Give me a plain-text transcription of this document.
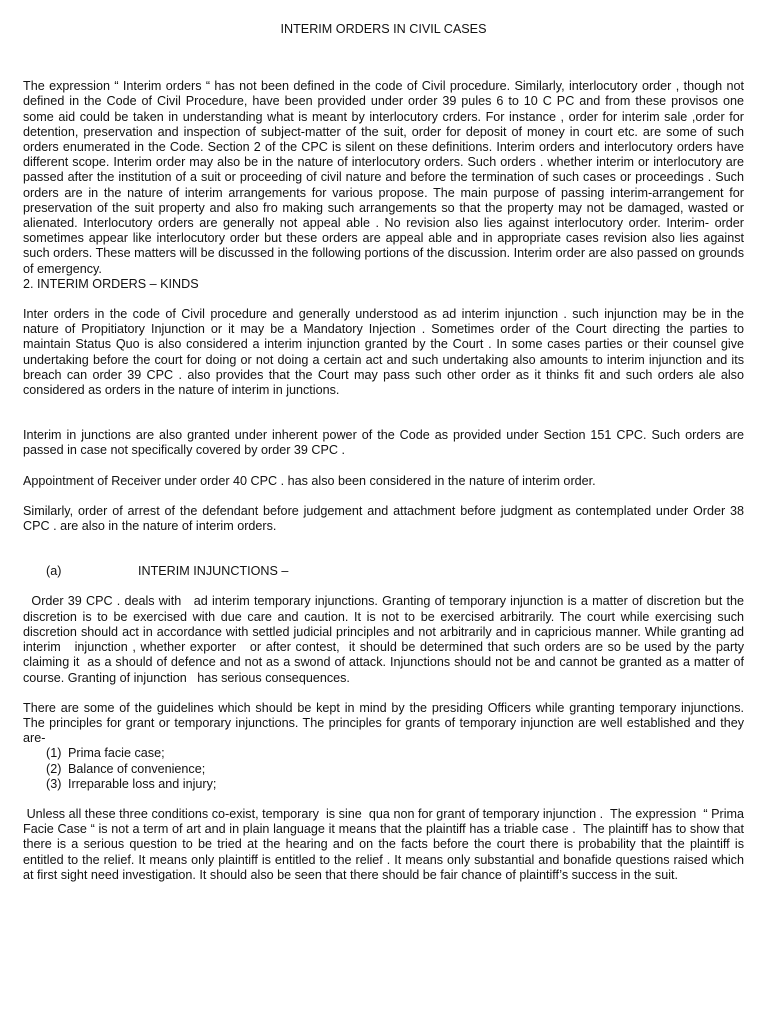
INTERIM ORDERS IN CIVIL CASES

The expression “ Interim orders “ has not been defined in the code of Civil procedure. Similarly, interlocutory order , though not defined in the Code of Civil Procedure, have been provided under order 39 pules 6 to 10 C PC and from these provisos one some aid could be taken in understanding what is meant by interlocutory crders. For instance , order for interim sale ,order for detention, preservation and inspection of subject-matter of the suit, order for deposit of money in court etc. are some of such orders enumerated in the Code. Section 2 of the CPC is silent on these definitions. Interim orders and interlocutory orders have different scope. Interim order may also be in the nature of interlocutory orders. Such orders . whether interim or interlocutory are passed after the institution of a suit or proceeding of civil nature and before the termination of such cases or proceedings . Such orders are in the nature of interim arrangements for various propose. The main purpose of passing interim-arrangement for preservation of the suit property and also fro making such arrangements so that the property may not be damaged, wasted or alienated. Interlocutory orders are generally not appeal able . No revision also lies against interlocutory order. Interim- order sometimes appear like interlocutory order but these orders are appeal able and in appropriate cases revision also lies against such orders. These matters will be discussed in the following portions of the discussion. Interim order are also passed on grounds of emergency.

2. INTERIM ORDERS – KINDS

Inter orders in the code of Civil procedure and generally understood as ad interim injunction . such injunction may be in the nature of Propitiatory Injunction or it may be a Mandatory Injection . Sometimes order of the Court directing the parties to maintain Status Quo is also considered a interim injunction granted by the Court . In some cases parties or their counsel give undertaking before the court for doing or not doing a certain act and such undertaking also amounts to interim injunction and its breach can order 39 CPC . also provides that the Court may pass such other order as it thinks fit and such orders ale also considered as orders in the nature of interim in junctions.

Interim in junctions are also granted under inherent power of the Code as provided under Section 151 CPC. Such orders are passed in case not specifically covered by order 39 CPC .

Appointment of Receiver under order 40 CPC . has also been considered in the nature of interim order.

Similarly, order of arrest of the defendant before judgement and attachment before judgment as contemplated under Order 38 CPC . are also in the nature of interim orders.

(a)	INTERIM INJUNCTIONS –

Order 39 CPC . deals with   ad interim temporary injunctions. Granting of temporary injunction is a matter of discretion but the discretion is to be exercised with due care and caution. It is not to be exercised arbitrarily. The court while exercising such discretion should act in accordance with settled judicial principles and not arbitrarily and in capricious manner. While granting ad interim   injunction , whether exporter   or after contest,  it should be determined that such orders are so be used by the party claiming it  as a should of defence and not as a swond of attack. Injunctions should not be and cannot be granted as a matter of course. Granting of injunction   has serious consequences.

There are some of the guidelines which should be kept in mind by the presiding Officers while granting temporary injunctions. The principles for grant or temporary injunctions. The principles for grants of temporary injunction are well established and they are-

(1) Prima facie case;
(2) Balance of convenience;
(3) Irreparable loss and injury;

Unless all these three conditions co-exist, temporary  is sine  qua non for grant of temporary injunction .  The expression  “ Prima Facie Case “ is not a term of art and in plain language it means that the plaintiff has a triable case .  The plaintiff has to show that there is a serious question to be tried at the hearing and on the facts before the court there is probability that the plaintiff is entitled to the relief. It means only plaintiff is entitled to the relief . It means only substantial and bonafide questions raised which at first sight need investigation. It should also be seen that there should be fair chance of plaintiff’s success in the suit.
